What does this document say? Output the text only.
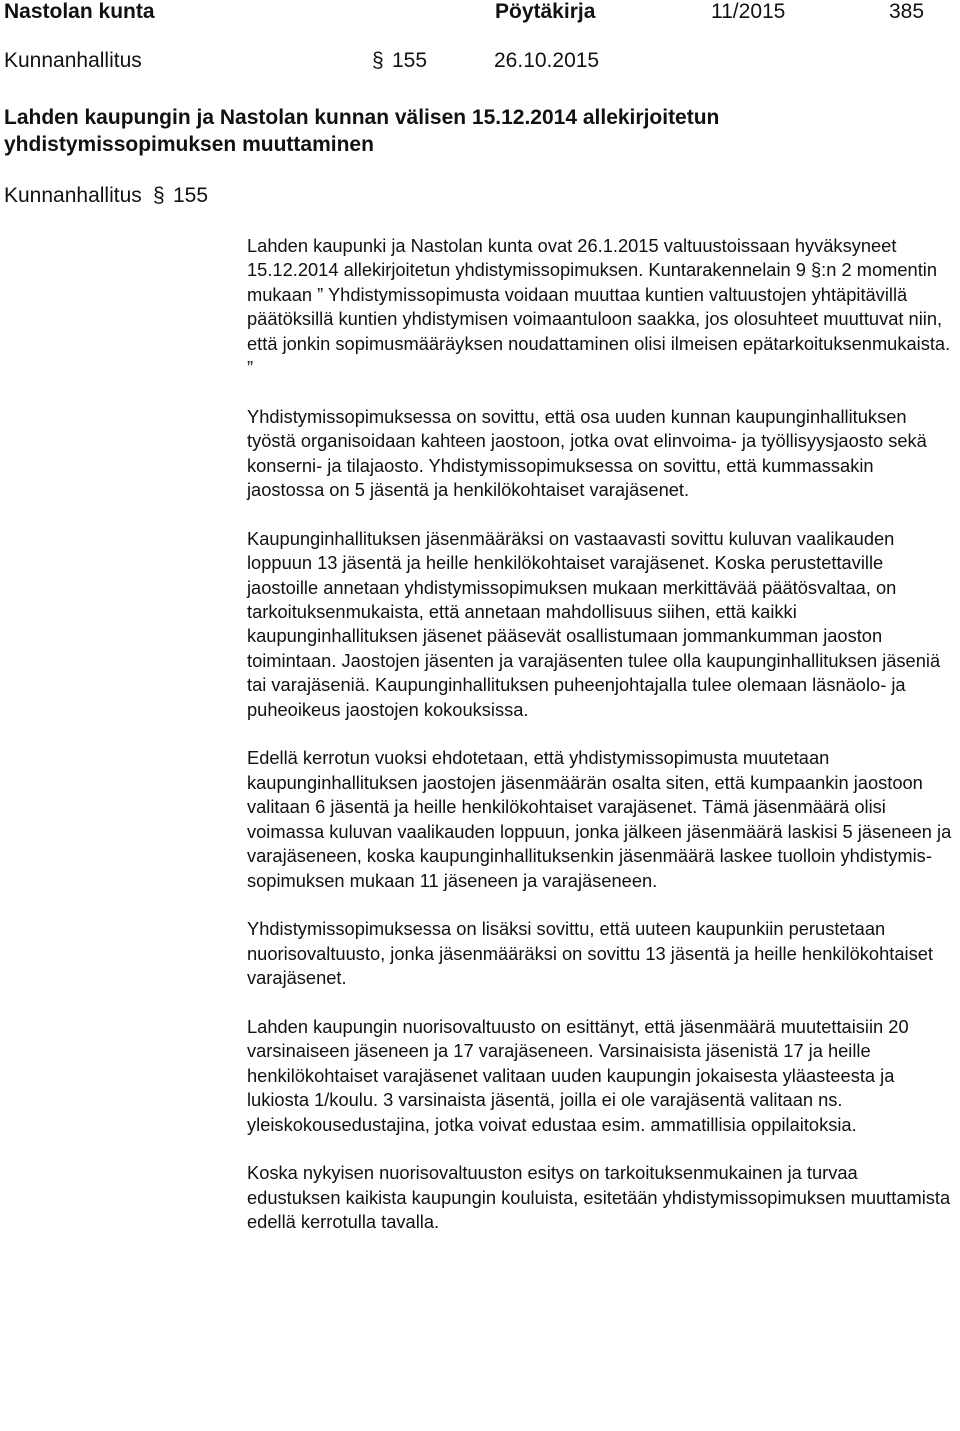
Nastolan kunta	Pöytäkirja	11/2015	385
Kunnanhallitus	§ 155	26.10.2015
Lahden kaupungin ja Nastolan kunnan välisen 15.12.2014 allekirjoitetun yhdistymissopimuksen muuttaminen
Kunnanhallitus § 155

Lahden kaupunki ja Nastolan kunta ovat 26.1.2015 valtuustoissaan hyväksyneet 15.12.2014 allekirjoitetun yhdistymissopimuksen. Kuntarakennelain 9 §:n 2 momentin mukaan ” Yhdistymissopimusta voidaan muuttaa kuntien valtuustojen yhtäpitävillä päätöksillä kuntien yhdistymisen voimaantuloon saakka, jos olosuhteet muuttuvat niin, että jonkin sopimusmääräyksen noudattaminen olisi ilmeisen epätarkoituksenmukaista. ”

Yhdistymissopimuksessa on sovittu, että osa uuden kunnan kaupunginhallituksen työstä organisoidaan kahteen jaostoon, jotka ovat elinvoima- ja työllisyysjaosto sekä konserni- ja tilajaosto. Yhdistymissopimuksessa on sovittu, että kummassakin jaostossa on 5 jäsentä ja henkilökohtaiset varajäsenet.

Kaupunginhallituksen jäsenmääräksi on vastaavasti sovittu kuluvan vaalikauden loppuun 13 jäsentä ja heille henkilökohtaiset varajäsenet. Koska perustettaville jaostoille annetaan yhdistymissopimuksen mukaan merkittävää päätösvaltaa, on tarkoituksenmukaista, että annetaan mahdollisuus siihen, että kaikki kaupunginhallituksen jäsenet pääsevät osallistumaan jommankumman jaoston toimintaan. Jaostojen jäsenten ja varajäsenten tulee olla kaupunginhallituksen jäseniä tai varajäseniä. Kaupunginhallituksen puheenjohtajalla tulee olemaan läsnäolo- ja puheoikeus jaostojen kokouksissa.

Edellä kerrotun vuoksi ehdotetaan, että yhdistymissopimusta muutetaan kaupunginhallituksen jaostojen jäsenmäärän osalta siten, että kumpaankin jaostoon valitaan 6 jäsentä ja heille henkilökohtaiset varajäsenet. Tämä jäsenmäärä olisi voimassa kuluvan vaalikauden loppuun, jonka jälkeen jäsenmäärä laskisi 5 jäseneen ja varajäseneen, koska kaupunginhallituksenkin jäsenmäärä laskee tuolloin yhdistymissopimuksen mukaan 11 jäseneen ja varajäseneen.

Yhdistymissopimuksessa on lisäksi sovittu, että uuteen kaupunkiin perustetaan nuorisovaltuusto, jonka jäsenmääräksi on sovittu 13 jäsentä ja heille henkilökohtaiset varajäsenet.

Lahden kaupungin nuorisovaltuusto on esittänyt, että jäsenmäärä muutettaisiin 20 varsinaiseen jäseneen ja 17 varajäseneen. Varsinaisista jäsenistä 17 ja heille henkilökohtaiset varajäsenet valitaan uuden kaupungin jokaisesta yläasteesta ja lukiosta 1/koulu. 3 varsinaista jäsentä, joilla ei ole varajäsentä valitaan ns. yleiskokousedustajina, jotka voivat edustaa esim. ammatillisia oppilaitoksia.

Koska nykyisen nuorisovaltuuston esitys on tarkoituksenmukainen ja turvaa edustuksen kaikista kaupungin kouluista, esitetään yhdistymissopimuksen muuttamista edellä kerrotulla tavalla.
